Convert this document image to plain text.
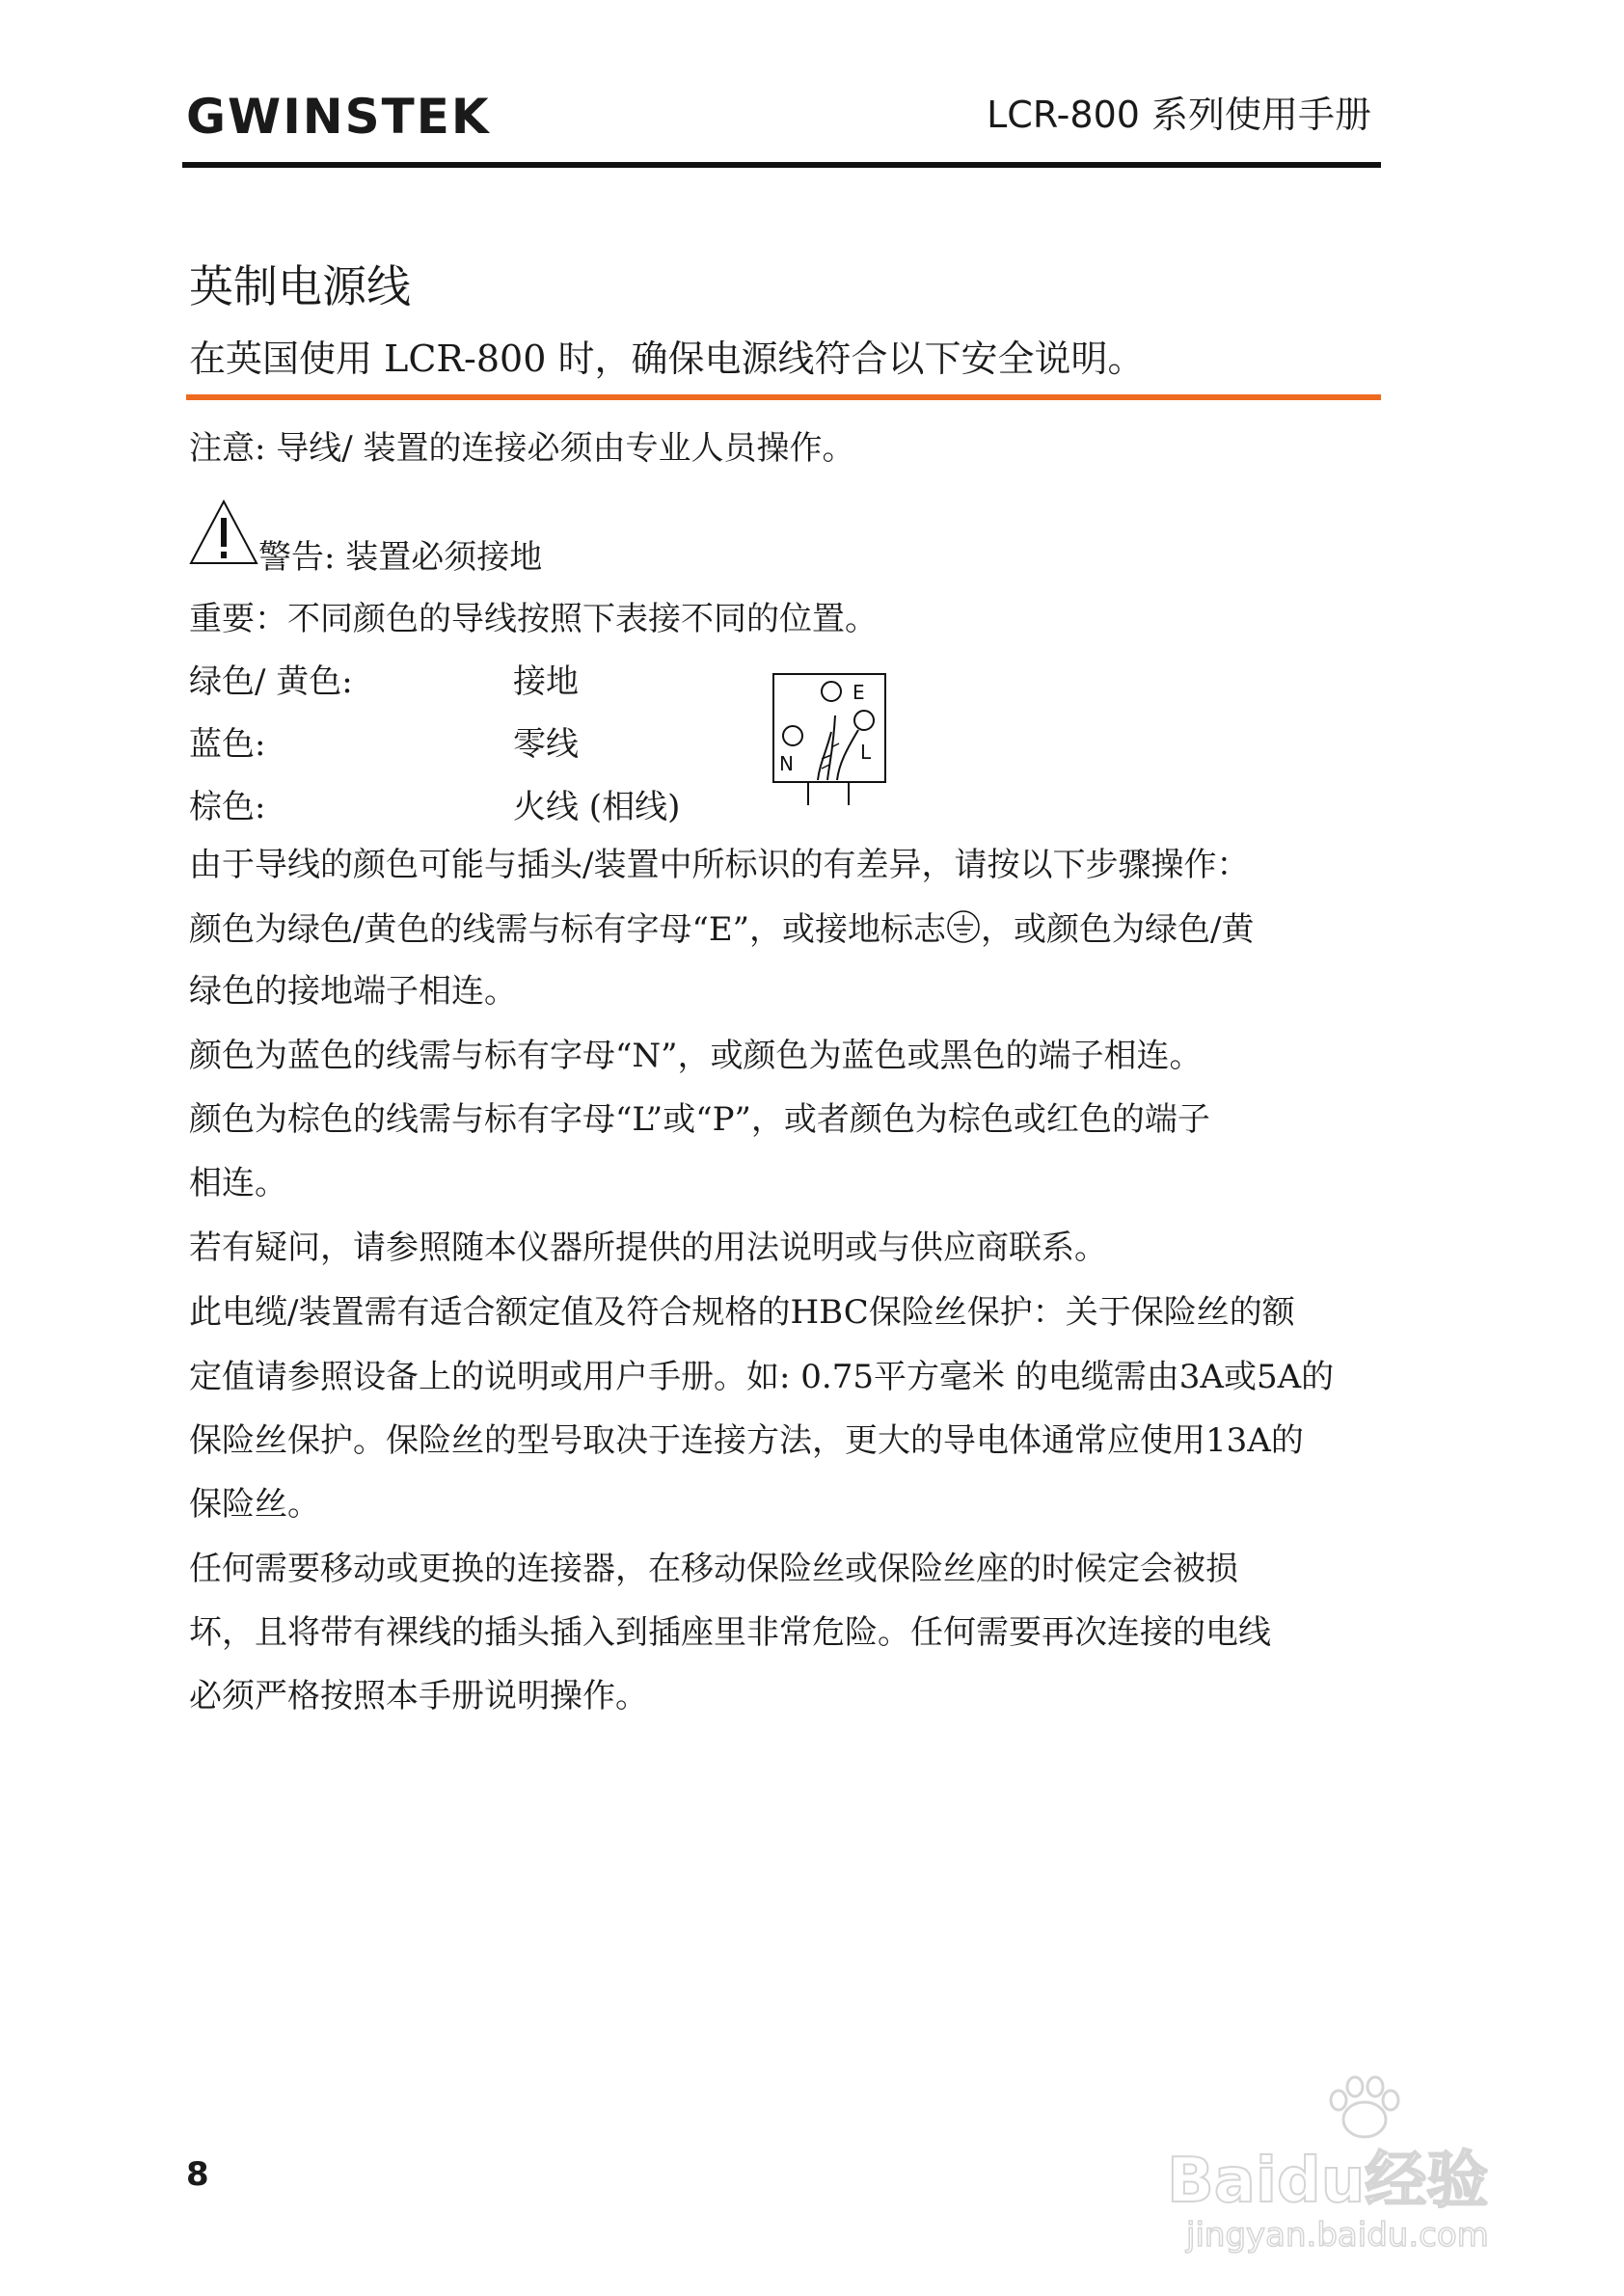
GWINSTEK	LCR-800 系列使用手册
英制电源线
在英国使用 LCR-800 时，确保电源线符合以下安全说明。
注意: 导线/ 装置的连接必须由专业人员操作。
警告: 装置必须接地
重要：不同颜色的导线按照下表接不同的位置。
绿色/ 黄色:	接地
蓝色:	零线
棕色:	火线 (相线)
E
N	L
由于导线的颜色可能与插头/装置中所标识的有差异，请按以下步骤操作：
颜色为绿色/黄色的线需与标有字母“E”，或接地标志 ，或颜色为绿色/黄
绿色的接地端子相连。
颜色为蓝色的线需与标有字母“N”，或颜色为蓝色或黑色的端子相连。
颜色为棕色的线需与标有字母“L”或“P”，或者颜色为棕色或红色的端子
相连。
若有疑问，请参照随本仪器所提供的用法说明或与供应商联系。
此电缆/装置需有适合额定值及符合规格的HBC保险丝保护：关于保险丝的额
定值请参照设备上的说明或用户手册。如: 0.75平方毫米 的电缆需由3A或5A的
保险丝保护。保险丝的型号取决于连接方法，更大的导电体通常应使用13A的
保险丝。
任何需要移动或更换的连接器，在移动保险丝或保险丝座的时候定会被损
坏，且将带有裸线的插头插入到插座里非常危险。任何需要再次连接的电线
必须严格按照本手册说明操作。
8	Baidu经验
jingyan.baidu.com
